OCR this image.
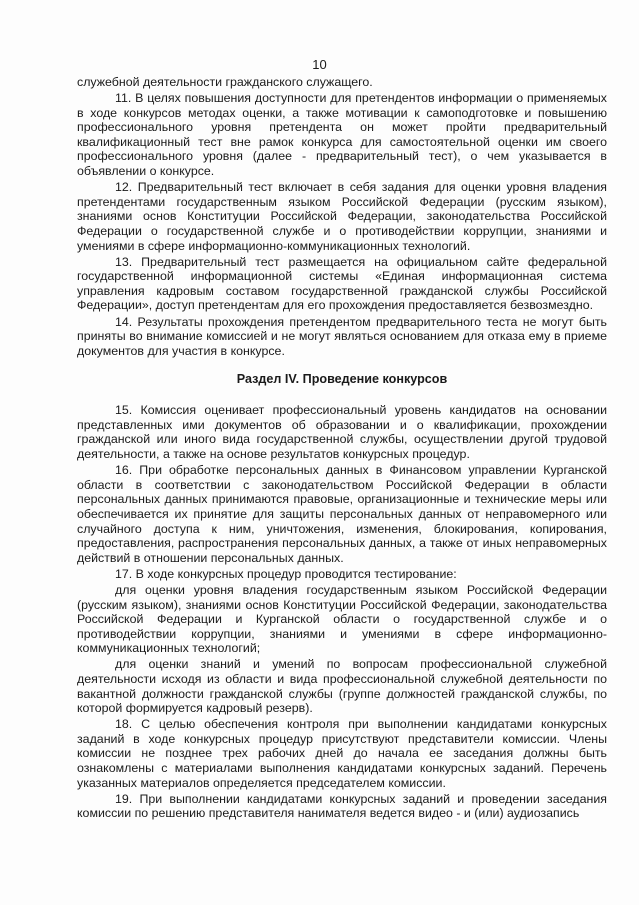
10

служебной деятельности гражданского служащего.

11. В целях повышения доступности для претендентов информации о применяемых в ходе конкурсов методах оценки, а также мотивации к самоподготовке и повышению профессионального уровня претендента он может пройти предварительный квалификационный тест вне рамок конкурса для самостоятельной оценки им своего профессионального уровня (далее - предварительный тест), о чем указывается в объявлении о конкурсе.

12. Предварительный тест включает в себя задания для оценки уровня владения претендентами государственным языком Российской Федерации (русским языком), знаниями основ Конституции Российской Федерации, законодательства Российской Федерации о государственной службе и о противодействии коррупции, знаниями и умениями в сфере информационно-коммуникационных технологий.

13. Предварительный тест размещается на официальном сайте федеральной государственной информационной системы «Единая информационная система управления кадровым составом государственной гражданской службы Российской Федерации», доступ претендентам для его прохождения предоставляется безвозмездно.

14. Результаты прохождения претендентом предварительного теста не могут быть приняты во внимание комиссией и не могут являться основанием для отказа ему в приеме документов для участия в конкурсе.

Раздел IV. Проведение конкурсов

15. Комиссия оценивает профессиональный уровень кандидатов на основании представленных ими документов об образовании и о квалификации, прохождении гражданской или иного вида государственной службы, осуществлении другой трудовой деятельности, а также на основе результатов конкурсных процедур.

16. При обработке персональных данных в Финансовом управлении Курганской области в соответствии с законодательством Российской Федерации в области персональных данных принимаются правовые, организационные и технические меры или обеспечивается их принятие для защиты персональных данных от неправомерного или случайного доступа к ним, уничтожения, изменения, блокирования, копирования, предоставления, распространения персональных данных, а также от иных неправомерных действий в отношении персональных данных.

17. В ходе конкурсных процедур проводится тестирование:

для оценки уровня владения государственным языком Российской Федерации (русским языком), знаниями основ Конституции Российской Федерации, законодательства Российской Федерации и Курганской области о государственной службе и о противодействии коррупции, знаниями и умениями в сфере информационно-коммуникационных технологий;

для оценки знаний и умений по вопросам профессиональной служебной деятельности исходя из области и вида профессиональной служебной деятельности по вакантной должности гражданской службы (группе должностей гражданской службы, по которой формируется кадровый резерв).

18. С целью обеспечения контроля при выполнении кандидатами конкурсных заданий в ходе конкурсных процедур присутствуют представители комиссии. Члены комиссии не позднее трех рабочих дней до начала ее заседания должны быть ознакомлены с материалами выполнения кандидатами конкурсных заданий. Перечень указанных материалов определяется председателем комиссии.

19. При выполнении кандидатами конкурсных заданий и проведении заседания комиссии по решению представителя нанимателя ведется видео - и (или) аудиозапись
